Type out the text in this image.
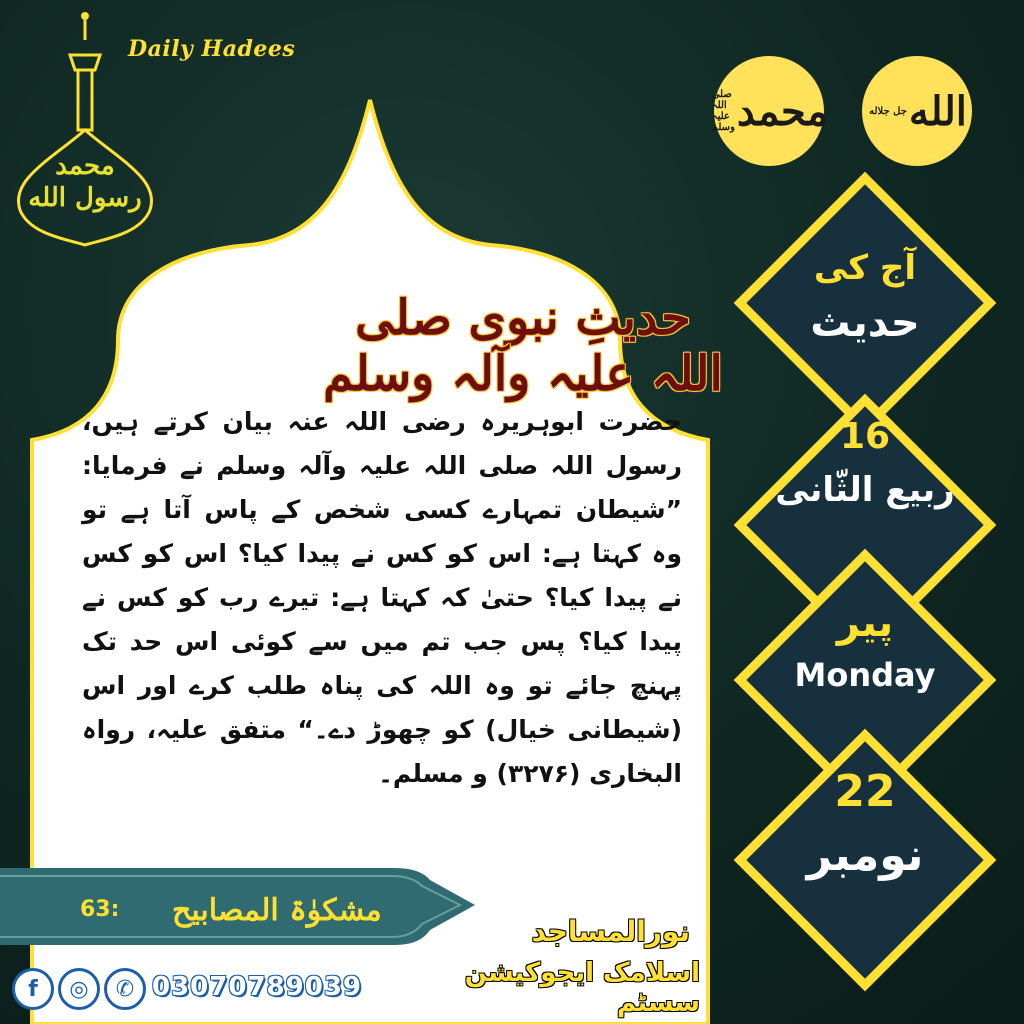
محمد رسول الله
Daily Hadees
جل جلاله الله
صلی اللہ علیہ وسلم محمد
حدیثِ نبوی صلی اللہ علیہ وآلہ وسلم
حضرت ابوہریرہ رضی اللہ عنہ بیان کرتے ہیں، رسول اللہ صلی اللہ علیہ وآلہ وسلم نے فرمایا: ”شیطان تمہارے کسی شخص کے پاس آتا ہے تو وہ کہتا ہے: اس کو کس نے پیدا کیا؟ اس کو کس نے پیدا کیا؟ حتیٰ کہ کہتا ہے: تیرے رب کو کس نے پیدا کیا؟ پس جب تم میں سے کوئی اس حد تک پہنچ جائے تو وہ اللہ کی پناہ طلب کرے اور اس (شیطانی خیال) کو چھوڑ دے۔“ متفق علیہ، رواہ البخاری (۳۲۷۶) و مسلم۔
آج کی
حدیث
16
ربیع الثّانی
پیر
Monday
22
نومبر
مشکوٰۃ المصابیح
63:
نورالمساجد
اسلامک ایجوکیشن سسٹم
f	◎	✆ 03070789039
